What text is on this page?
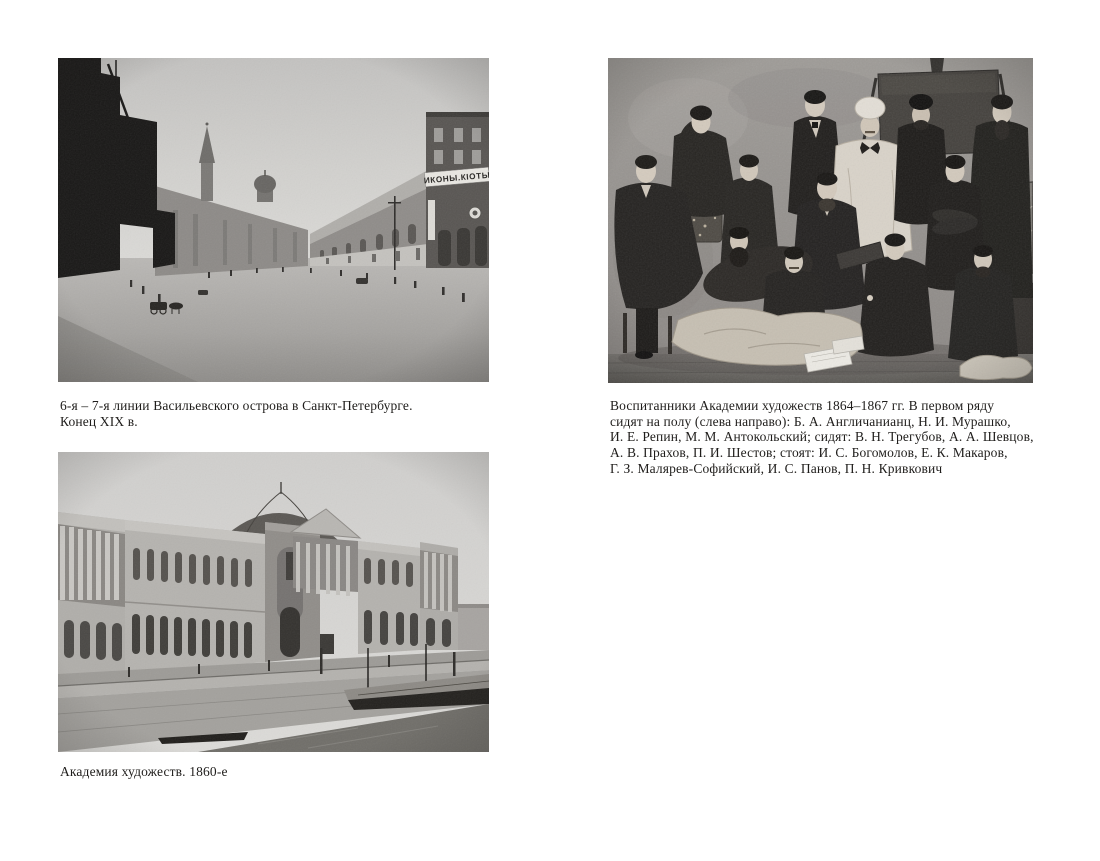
6-я – 7-я линии Васильевского острова в Санкт-Петербурге.
Конец XIX в.
Воспитанники Академии художеств 1864–1867 гг. В первом ряду
сидят на полу (слева направо): Б. А. Англичанианц, Н. И. Мурашко,
И. Е. Репин, М. М. Антокольский; сидят: В. Н. Трегубов, А. А. Шевцов,
А. В. Прахов, П. И. Шестов; стоят: И. С. Богомолов, Е. К. Макаров,
Г. З. Малярев-Софийский, И. С. Панов, П. Н. Кривкович
Академия художеств. 1860-е
